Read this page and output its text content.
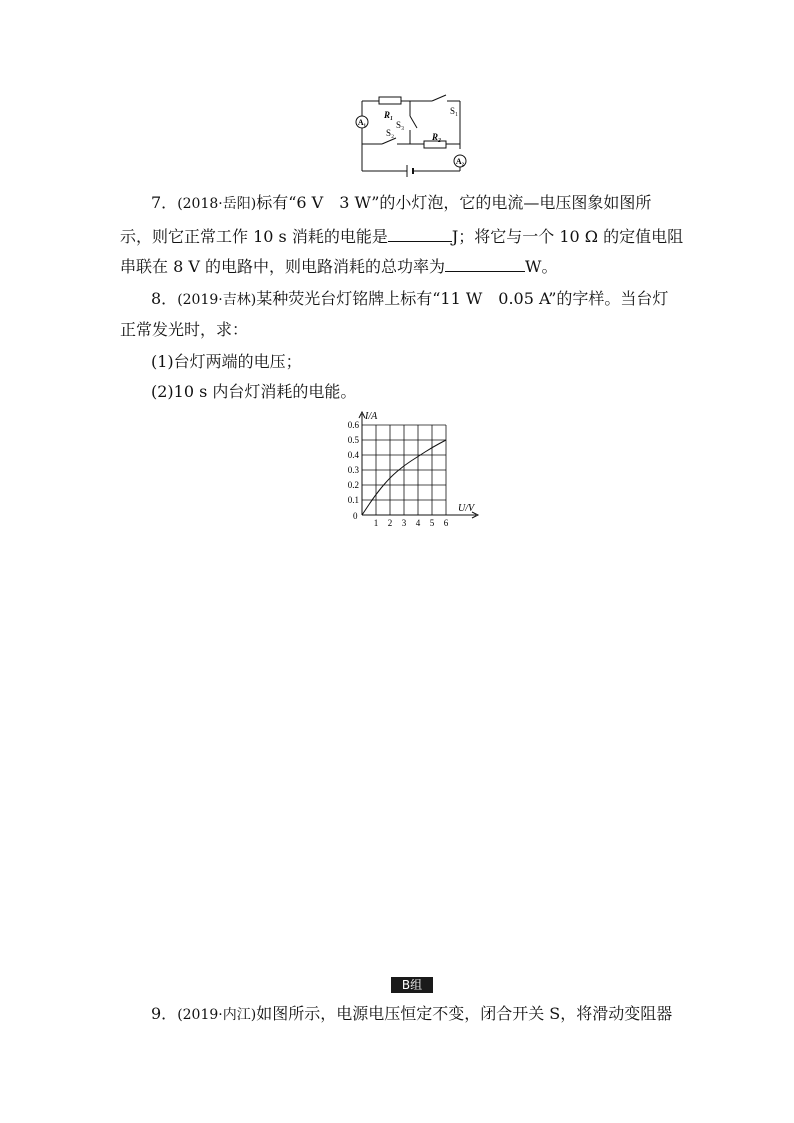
A₁
A₂
R₁
R₂
S₁
S₂
S₃
7．(2018·岳阳)标有“6 V　3 W”的小灯泡，它的电流—电压图象如图所
示，则它正常工作 10 s 消耗的电能是	J；将它与一个 10 Ω 的定值电阻
串联在 8 V 的电路中，则电路消耗的总功率为	W。
8．(2019·吉林)某种荧光台灯铭牌上标有“11 W　0.05 A”的字样。当台灯
正常发光时，求：
(1)台灯两端的电压；
(2)10 s 内台灯消耗的电能。
0.1
0.2
0.3
0.4
0.5
0.6
1 2 3 4 5 6
I/A
U/V
0
B组
9．(2019·内江)如图所示，电源电压恒定不变，闭合开关 S，将滑动变阻器
